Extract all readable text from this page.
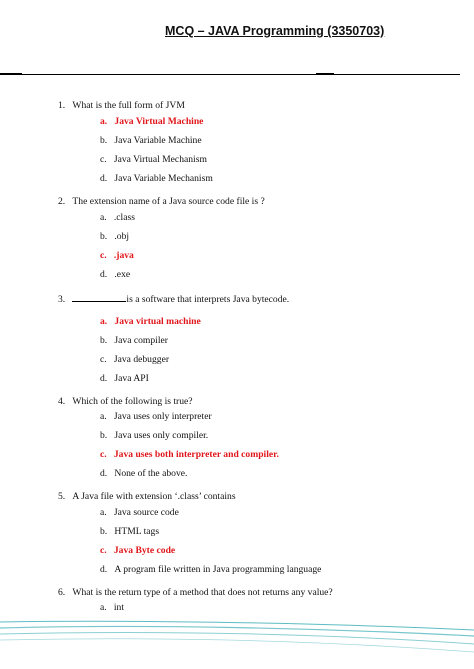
MCQ – JAVA Programming (3350703)
1. What is the full form of JVM
a. Java Virtual Machine
b. Java Variable Machine
c. Java Virtual Mechanism
d. Java Variable Mechanism
2. The extension name of a Java source code file is ?
a. .class
b. .obj
c. .java
d. .exe
3.	is a software that interprets Java bytecode.
a. Java virtual machine
b. Java compiler
c. Java debugger
d. Java API
4. Which of the following is true?
a. Java uses only interpreter
b. Java uses only compiler.
c. Java uses both interpreter and compiler.
d. None of the above.
5. A Java file with extension ‘.class’ contains
a. Java source code
b. HTML tags
c. Java Byte code
d. A program file written in Java programming language
6. What is the return type of a method that does not returns any value?
a. int
